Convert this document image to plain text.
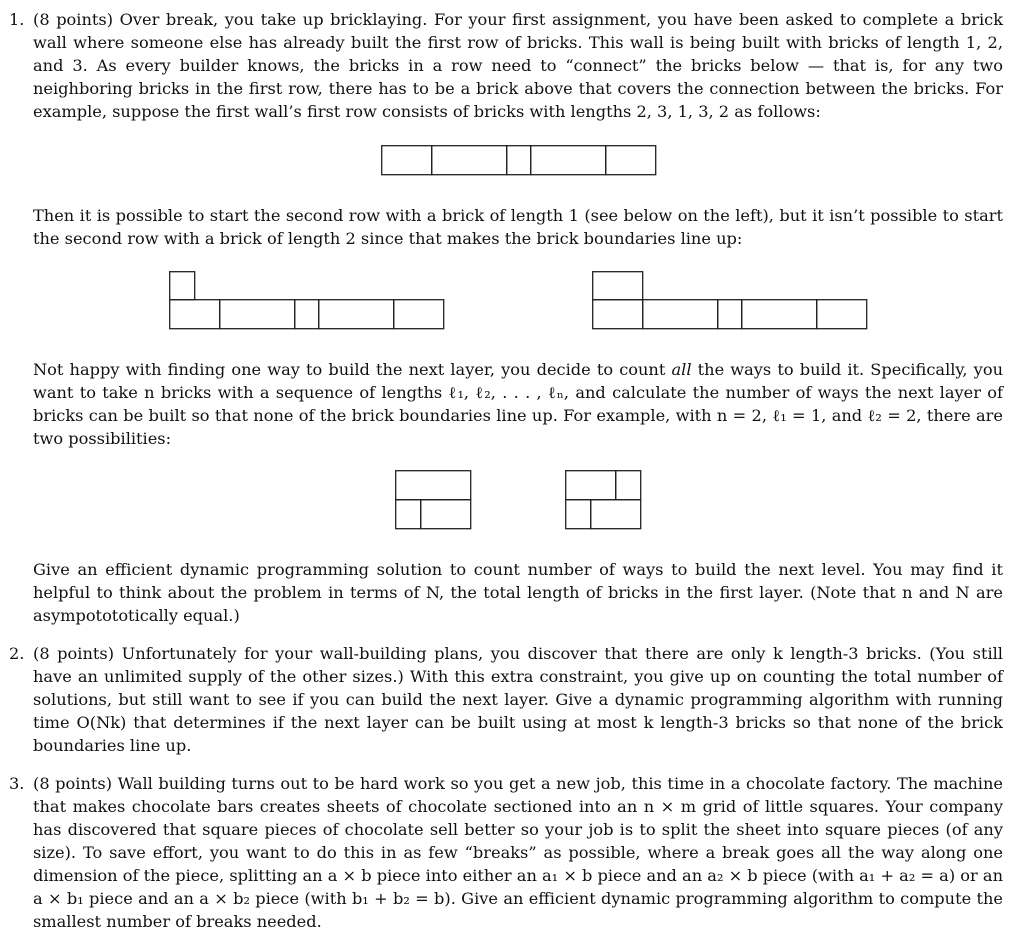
1. (8 points) Over break, you take up bricklaying. For your first assignment, you have been asked to complete a brick wall where someone else has already built the first row of bricks. This wall is being built with bricks of length 1, 2, and 3. As every builder knows, the bricks in a row need to “connect” the bricks below — that is, for any two neighboring bricks in the first row, there has to be a brick above that covers the connection between the bricks. For example, suppose the first wall’s first row consists of bricks with lengths 2, 3, 1, 3, 2 as follows:
Then it is possible to start the second row with a brick of length 1 (see below on the left), but it isn’t possible to start the second row with a brick of length 2 since that makes the brick boundaries line up:
Not happy with finding one way to build the next layer, you decide to count all the ways to build it. Specifically, you want to take n bricks with a sequence of lengths ℓ₁, ℓ₂, . . . , ℓₙ, and calculate the number of ways the next layer of bricks can be built so that none of the brick boundaries line up. For example, with n = 2, ℓ₁ = 1, and ℓ₂ = 2, there are two possibilities:
Give an efficient dynamic programming solution to count number of ways to build the next level. You may find it helpful to think about the problem in terms of N, the total length of bricks in the first layer. (Note that n and N are asympotototically equal.)
2. (8 points) Unfortunately for your wall-building plans, you discover that there are only k length-3 bricks. (You still have an unlimited supply of the other sizes.) With this extra constraint, you give up on counting the total number of solutions, but still want to see if you can build the next layer. Give a dynamic programming algorithm with running time O(Nk) that determines if the next layer can be built using at most k length-3 bricks so that none of the brick boundaries line up.
3. (8 points) Wall building turns out to be hard work so you get a new job, this time in a chocolate factory. The machine that makes chocolate bars creates sheets of chocolate sectioned into an n × m grid of little squares. Your company has discovered that square pieces of chocolate sell better so your job is to split the sheet into square pieces (of any size). To save effort, you want to do this in as few “breaks” as possible, where a break goes all the way along one dimension of the piece, splitting an a × b piece into either an a₁ × b piece and an a₂ × b piece (with a₁ + a₂ = a) or an a × b₁ piece and an a × b₂ piece (with b₁ + b₂ = b). Give an efficient dynamic programming algorithm to compute the smallest number of breaks needed.
